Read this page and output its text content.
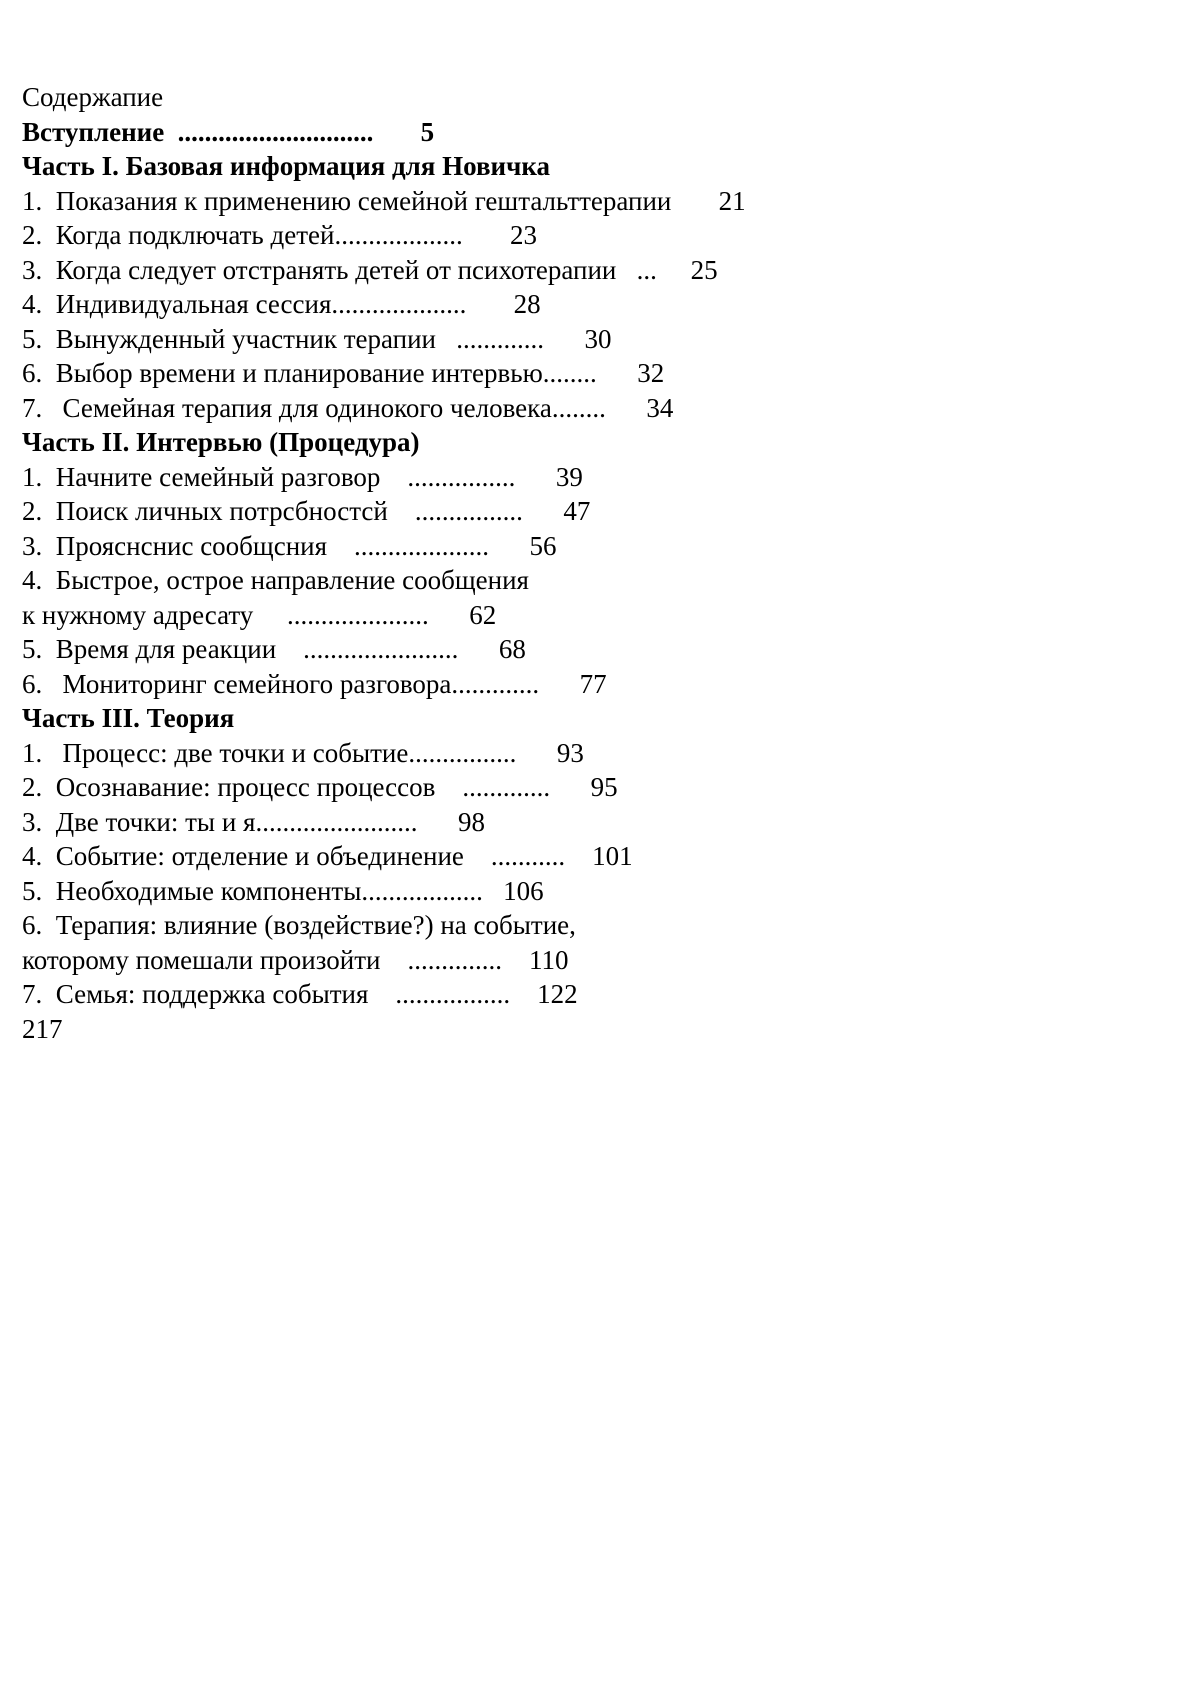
Содержапие
Вступление  .............................       5
Часть I. Базовая информация для Новичка
1.  Показания к применению семейной гештальттерапии       21
2.  Когда подключать детей...................       23
3.  Когда следует отстранять детей от психотерапии   ...     25
4.  Индивидуальная сессия....................       28
5.  Вынужденный участник терапии   .............      30
6.  Выбор времени и планирование интервью........      32
7.   Семейная терапия для одинокого человека........      34
Часть II. Интервью (Процедура)
1.  Начните семейный разговор    ................      39
2.  Поиск личных потрсбностсй    ................      47
3.  Прояснснис сообщсния    ....................      56
4.  Быстрое, острое направление сообщения
к нужному адресату     .....................      62
5.  Время для реакции    .......................      68
6.   Мониторинг семейного разговора.............      77
Часть III. Теория
1.   Процесс: две точки и событие................      93
2.  Осознавание: процесс процессов    .............      95
3.  Две точки: ты и я........................      98
4.  Событие: отделение и объединение    ...........    101
5.  Необходимые компоненты..................   106
6.  Терапия: влияние (воздействие?) на событие,
которому помешали произойти    ..............    110
7.  Семья: поддержка события    .................    122
217
